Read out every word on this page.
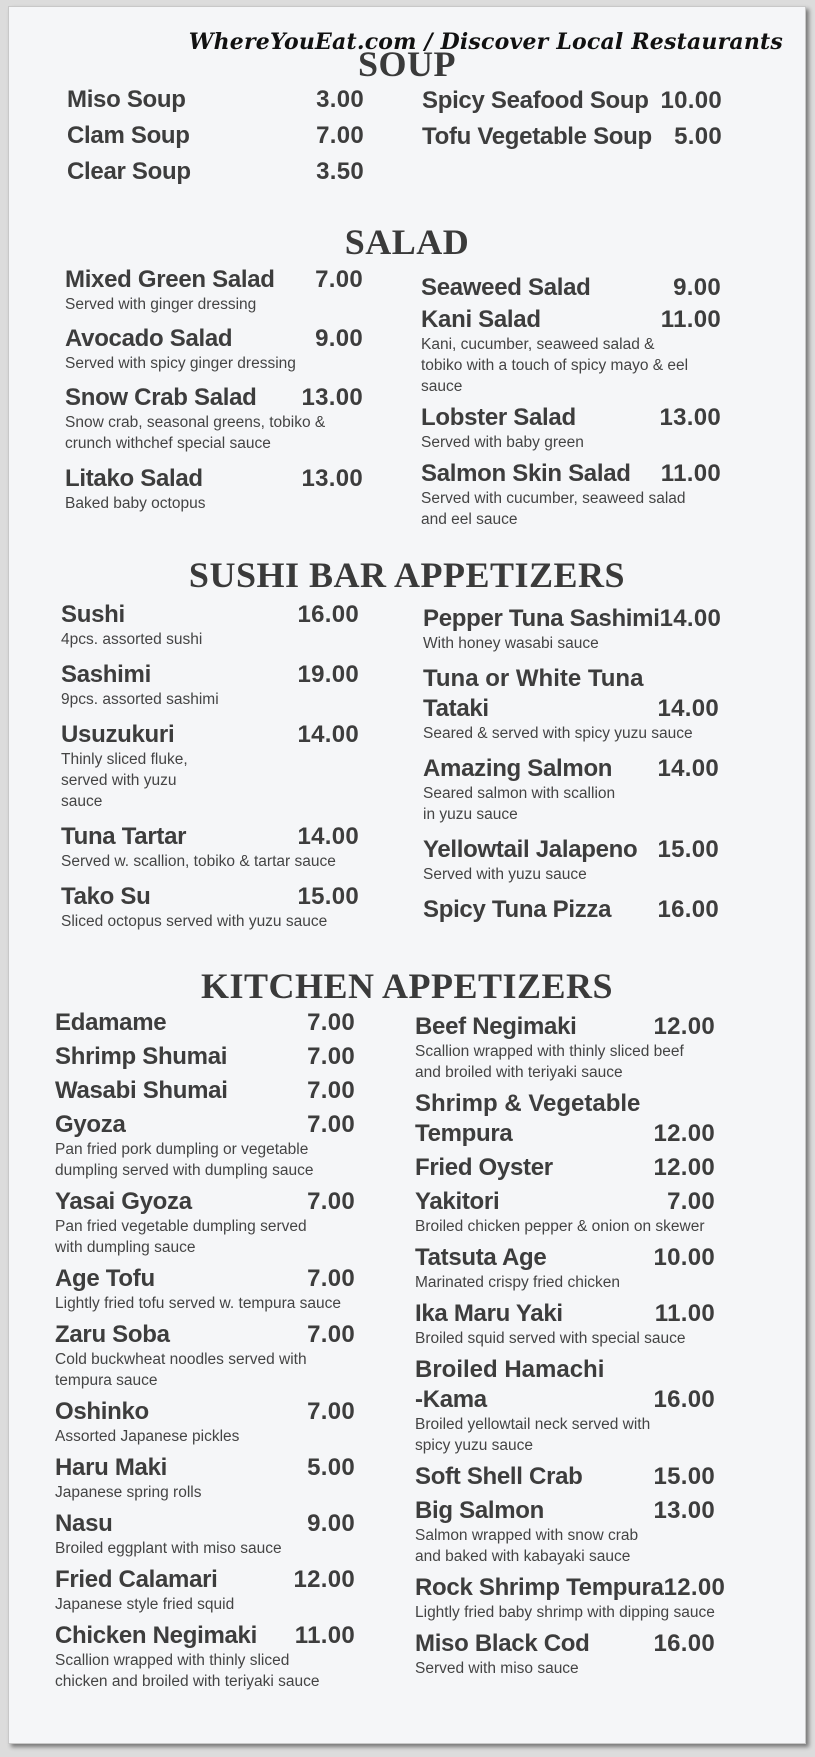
WhereYouEat.com / Discover Local Restaurants
SOUP
Miso Soup	3.00
Clam Soup	7.00
Clear Soup	3.50
Spicy Seafood Soup 10.00
Tofu Vegetable Soup 5.00
SALAD
Mixed Green Salad 7.00
Served with ginger dressing
Avocado Salad	9.00
Served with spicy ginger dressing
Snow Crab Salad 13.00
Snow crab, seasonal greens, tobiko & crunch withchef special sauce
Litako Salad	13.00
Baked baby octopus
Seaweed Salad	9.00
Kani Salad	11.00
Kani, cucumber, seaweed salad & tobiko with a touch of spicy mayo & eel sauce
Lobster Salad	13.00
Served with baby green
Salmon Skin Salad 11.00
Served with cucumber, seaweed salad and eel sauce
SUSHI BAR APPETIZERS
Sushi	16.00
4pcs. assorted sushi
Sashimi	19.00
9pcs. assorted sashimi
Usuzukuri	14.00
Thinly sliced fluke, served with yuzu sauce
Tuna Tartar	14.00
Served w. scallion, tobiko & tartar sauce
Tako Su	15.00
Sliced octopus served with yuzu sauce
Pepper Tuna Sashimi 14.00
With honey wasabi sauce
Tuna or White Tuna
Tataki	14.00
Seared & served with spicy yuzu sauce
Amazing Salmon 14.00
Seared salmon with scallion in yuzu sauce
Yellowtail Jalapeno 15.00
Served with yuzu sauce
Spicy Tuna Pizza 16.00
KITCHEN APPETIZERS
Edamame	7.00
Shrimp Shumai	7.00
Wasabi Shumai	7.00
Gyoza	7.00
Pan fried pork dumpling or vegetable dumpling served with dumpling sauce
Yasai Gyoza	7.00
Pan fried vegetable dumpling served with dumpling sauce
Age Tofu	7.00
Lightly fried tofu served w. tempura sauce
Zaru Soba	7.00
Cold buckwheat noodles served with tempura sauce
Oshinko	7.00
Assorted Japanese pickles
Haru Maki	5.00
Japanese spring rolls
Nasu	9.00
Broiled eggplant with miso sauce
Fried Calamari	12.00
Japanese style fried squid
Chicken Negimaki 11.00
Scallion wrapped with thinly sliced chicken and broiled with teriyaki sauce
Beef Negimaki	12.00
Scallion wrapped with thinly sliced beef and broiled with teriyaki sauce
Shrimp & Vegetable
Tempura	12.00
Fried Oyster	12.00
Yakitori	7.00
Broiled chicken pepper & onion on skewer
Tatsuta Age	10.00
Marinated crispy fried chicken
Ika Maru Yaki	11.00
Broiled squid served with special sauce
Broiled Hamachi
-Kama	16.00
Broiled yellowtail neck served with spicy yuzu sauce
Soft Shell Crab	15.00
Big Salmon	13.00
Salmon wrapped with snow crab and baked with kabayaki sauce
Rock Shrimp Tempura 12.00
Lightly fried baby shrimp with dipping sauce
Miso Black Cod	16.00
Served with miso sauce
